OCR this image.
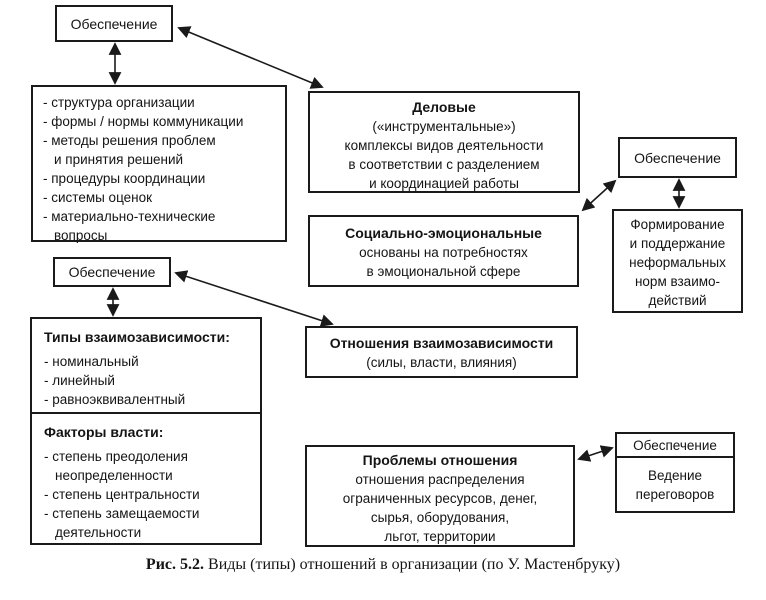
Обеспечение
- структура организации
- формы / нормы коммуникации
- методы решения проблем
и принятия решений
- процедуры координации
- системы оценок
- материально-технические
вопросы
Деловые
(«инструментальные»)
комплексы видов деятельности
в соответствии с разделением
и координацией работы
Социально-эмоциональные
основаны на потребностях
в эмоциональной сфере
Обеспечение
Формирование
и поддержание
неформальных
норм взаимо-
действий
Обеспечение
Типы взаимозависимости:
- номинальный
- линейный
- равноэквивалентный
Факторы власти:
- степень преодоления
неопределенности
- степень центральности
- степень замещаемости
деятельности
Отношения взаимозависимости
(силы, власти, влияния)
Проблемы отношения
отношения распределения
ограниченных ресурсов, денег,
сырья, оборудования,
льгот, территории
Обеспечение
Ведение
переговоров
Рис. 5.2. Виды (типы) отношений в организации (по У. Мастенбруку)
